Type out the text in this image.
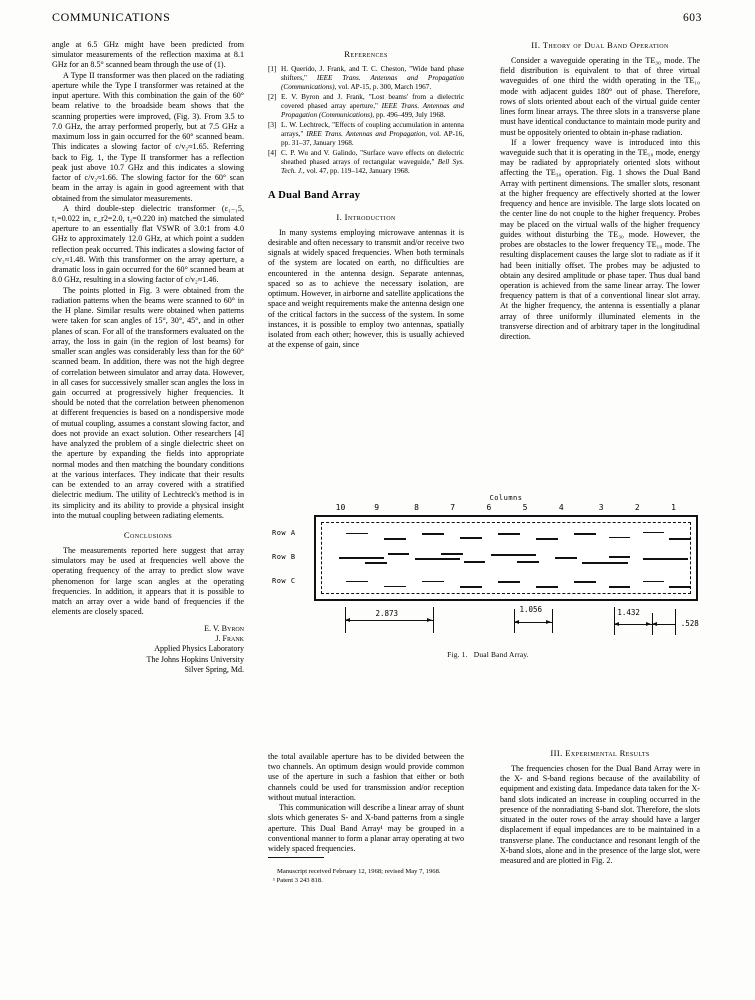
COMMUNICATIONS	603

angle at 6.5 GHz might have been predicted from simulator measurements of the reflection maxima at 8.1 GHz for an 8.5° scanned beam through the use of (1).

A Type II transformer was then placed on the radiating aperture while the Type I transformer was retained at the input aperture. With this combination the gain of the 60° beam relative to the broadside beam shows that the scanning properties were improved, (Fig. 3). From 3.5 to 7.0 GHz, the array performed properly, but at 7.5 GHz a maximum loss in gain occurred for the 60° scanned beam. This indicates a slowing factor of c/v₂≈1.65. Referring back to Fig. 1, the Type II transformer has a reflection peak just above 10.7 GHz and this indicates a slowing factor of c/v₂≈1.66. The slowing factor for the 60° scan beam in the array is again in good agreement with that obtained from the simulator measurements.

A third double-step dielectric transformer (ε₁₋₁5, t₁=0.022 in, ε_r2=2.0, t₂=0.220 in) matched the simulated aperture to an essentially flat VSWR of 3.0:1 from 4.0 GHz to approximately 12.0 GHz, at which point a sudden reflection peak occurred. This indicates a slowing factor of c/v₂≈1.48. With this transformer on the array aperture, a dramatic loss in gain occurred for the 60° scanned beam at 8.0 GHz, resulting in a slowing factor of c/v₂≈1.46.

The points plotted in Fig. 3 were obtained from the radiation patterns when the beams were scanned to 60° in the H plane. Similar results were obtained when patterns were taken for scan angles of 15°, 30°, 45°, and in other planes of scan. For all of the transformers evaluated on the array, the loss in gain (in the region of lost beams) for smaller scan angles was considerably less than for the 60° scanned beam. In addition, there was not the high degree of correlation between simulator and array data. However, in all cases for successively smaller scan angles the loss in gain occurred at progressively higher frequencies. It should be noted that the correlation between phenomenon at different frequencies is based on a nondispersive mode of mutual coupling, assumes a constant slowing factor, and does not provide an exact solution. Other researchers [4] have analyzed the problem of a single dielectric sheet on the aperture by expanding the fields into appropriate normal modes and then matching the boundary conditions at the various interfaces. They indicate that their results can be extended to an array covered with a stratified dielectric medium. The utility of Lechtreck's method is in its simplicity and its ability to provide a physical insight into the mutual coupling between radiating elements.

Conclusions

The measurements reported here suggest that array simulators may be used at frequencies well above the operating frequency of the array to predict slow wave phenomenon for large scan angles at the operating frequencies. In addition, it appears that it is possible to match an array over a wide band of frequencies if the elements are closely spaced.

E. V. Byron
J. Frank
Applied Physics Laboratory
The Johns Hopkins University
Silver Spring, Md.
References
[1] H. Querido, J. Frank, and T. C. Cheston, "Wide band phase shifters," IEEE Trans. Antennas and Propagation (Communications), vol. AP-15, p. 300, March 1967.
[2] E. V. Byron and J. Frank, "Lost beams' from a dielectric covered phased array aperture," IEEE Trans. Antennas and Propagation (Communications), pp. 496–499, July 1968.
[3] L. W. Lechtreck, "Effects of coupling accumulation in antenna arrays," IREE Trans. Antennas and Propagation, vol. AP-16, pp. 31–37, January 1968.
[4] C. P. Wu and V. Galindo, "Surface wave effects on dielectric sheathed phased arrays of rectangular waveguide," Bell Sys. Tech. J., vol. 47, pp. 119–142, January 1968.
A Dual Band Array
I. Introduction

In many systems employing microwave antennas it is desirable and often necessary to transmit and/or receive two signals at widely spaced frequencies. When both terminals of the system are located on earth, no difficulties are encountered in the antenna design. Separate antennas, spaced so as to achieve the necessary isolation, are optimum. However, in airborne and satellite applications the space and weight requirements make the antenna design one of the critical factors in the success of the system. In some instances, it is possible to employ two antennas, spatially isolated from each other; however, this is usually achieved at the expense of gain, since

the total available aperture has to be divided between the two channels. An optimum design would provide common use of the aperture in such a fashion that either or both channels could be used for transmission and/or reception without mutual interaction.

This communication will describe a linear array of shunt slots which generates S- and X-band patterns from a single aperture. This Dual Band Array¹ may be grouped in a conventional manner to form a planar array operating at two widely spaced frequencies.

Manuscript received February 12, 1968; revised May 7, 1968.
¹ Patent 3 243 818.
II. Theory of Dual Band Operation

Consider a waveguide operating in the TE₃₀ mode. The field distribution is equivalent to that of three virtual waveguides of one third the width operating in the TE₁₀ mode with adjacent guides 180° out of phase. Therefore, rows of slots oriented about each of the virtual guide center lines form linear arrays. The three slots in a transverse plane must have identical conductance to maintain mode purity and must be oppositely oriented to obtain in-phase radiation.

If a lower frequency wave is introduced into this waveguide such that it is operating in the TE₁₀ mode, energy may be radiated by appropriately oriented slots without affecting the TE₃₀ operation. Fig. 1 shows the Dual Band Array with pertinent dimensions. The smaller slots, resonant at the higher frequency are effectively shorted at the lower frequency and hence are invisible. The large slots located on the center line do not couple to the higher frequency. Probes may be placed on the virtual walls of the higher frequency guides without disturbing the TE₃₀ mode. However, the probes are obstacles to the lower frequency TE₁₀ mode. The resulting displacement causes the large slot to radiate as if it had been initially offset. The probes may be adjusted to obtain any desired amplitude or phase taper. Thus dual band operation is achieved from the same linear array. The lower frequency pattern is that of a conventional linear slot array. At the higher frequency, the antenna is essentially a planar array of three uniformly illuminated elements in the transverse direction and of arbitrary taper in the longitudinal direction.

III. Experimental Results

The frequencies chosen for the Dual Band Array were in the X- and S-band regions because of the availability of equipment and existing data. Impedance data taken for the X-band slots indicated an increase in coupling occurred in the presence of the nonradiating S-band slot. Therefore, the slots situated in the outer rows of the array should have a larger displacement if equal impedances are to be maintained in a transverse plane. The conductance and resonant length of the X-band slots, alone and in the presence of the large slot, were measured and are plotted in Fig. 2.

Columns
10	9	8	7	6	5	4	3	2	1
Row A
Row B
Row C
2.873	1.056	1.432
.528
Fig. 1. Dual Band Array.
